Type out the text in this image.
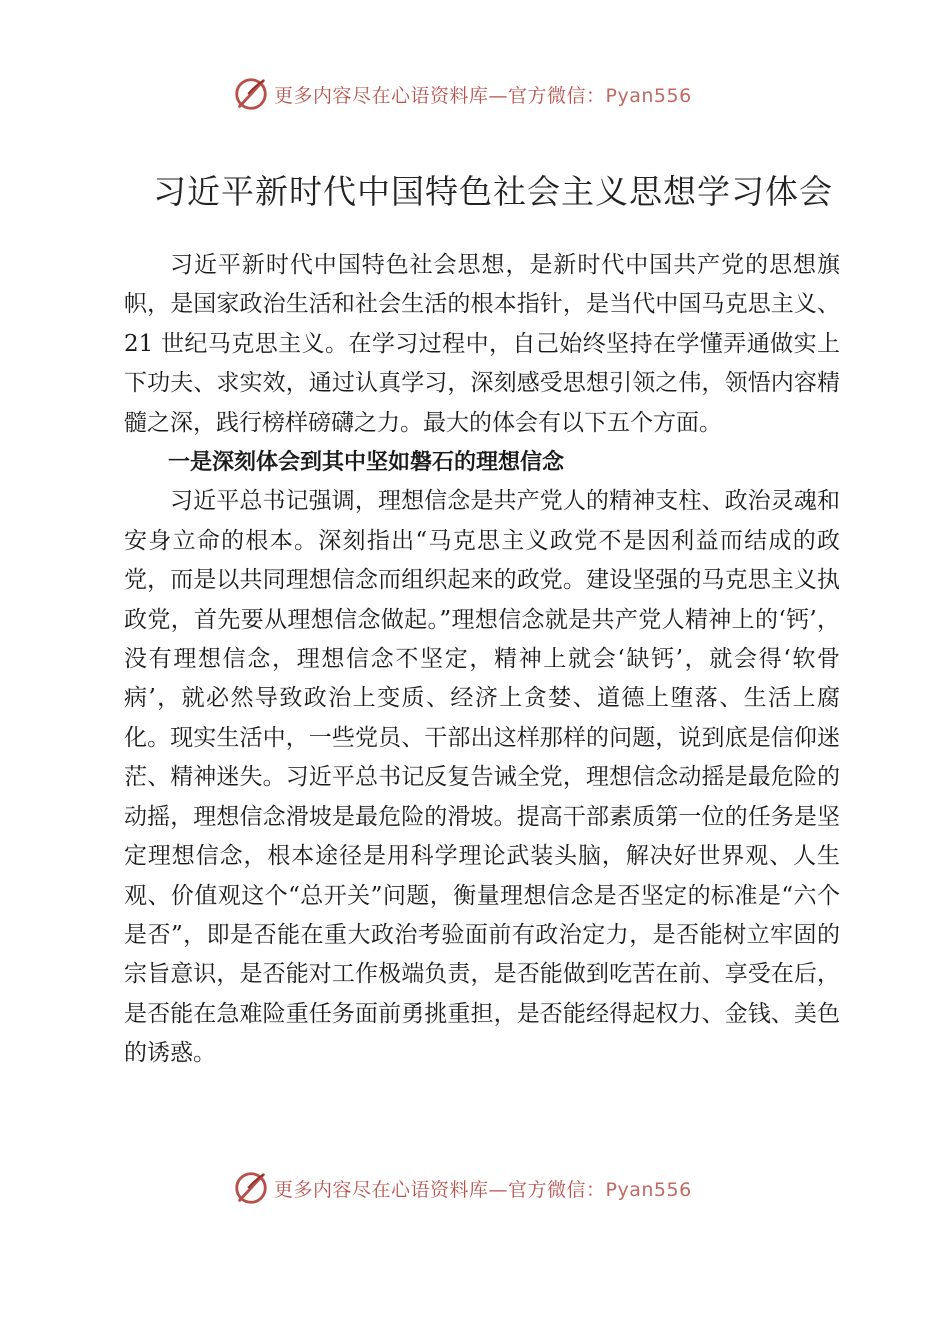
更多内容尽在心语资料库—官方微信：Pyan556
习近平新时代中国特色社会主义思想学习体会

习近平新时代中国特色社会思想，是新时代中国共产党的思想旗帜，是国家政治生活和社会生活的根本指针，是当代中国马克思主义、21 世纪马克思主义。在学习过程中，自己始终坚持在学懂弄通做实上下功夫、求实效，通过认真学习，深刻感受思想引领之伟，领悟内容精髓之深，践行榜样磅礴之力。最大的体会有以下五个方面。

一是深刻体会到其中坚如磐石的理想信念

习近平总书记强调，理想信念是共产党人的精神支柱、政治灵魂和安身立命的根本。深刻指出“马克思主义政党不是因利益而结成的政党，而是以共同理想信念而组织起来的政党。建设坚强的马克思主义执政党，首先要从理想信念做起。”理想信念就是共产党人精神上的‘钙’，没有理想信念，理想信念不坚定，精神上就会‘缺钙’，就会得‘软骨病’，就必然导致政治上变质、经济上贪婪、道德上堕落、生活上腐化。现实生活中，一些党员、干部出这样那样的问题，说到底是信仰迷茫、精神迷失。习近平总书记反复告诫全党，理想信念动摇是最危险的动摇，理想信念滑坡是最危险的滑坡。提高干部素质第一位的任务是坚定理想信念，根本途径是用科学理论武装头脑，解决好世界观、人生观、价值观这个“总开关”问题，衡量理想信念是否坚定的标准是“六个是否”，即是否能在重大政治考验面前有政治定力，是否能树立牢固的宗旨意识，是否能对工作极端负责，是否能做到吃苦在前、享受在后，是否能在急难险重任务面前勇挑重担，是否能经得起权力、金钱、美色的诱惑。

更多内容尽在心语资料库—官方微信：Pyan556
